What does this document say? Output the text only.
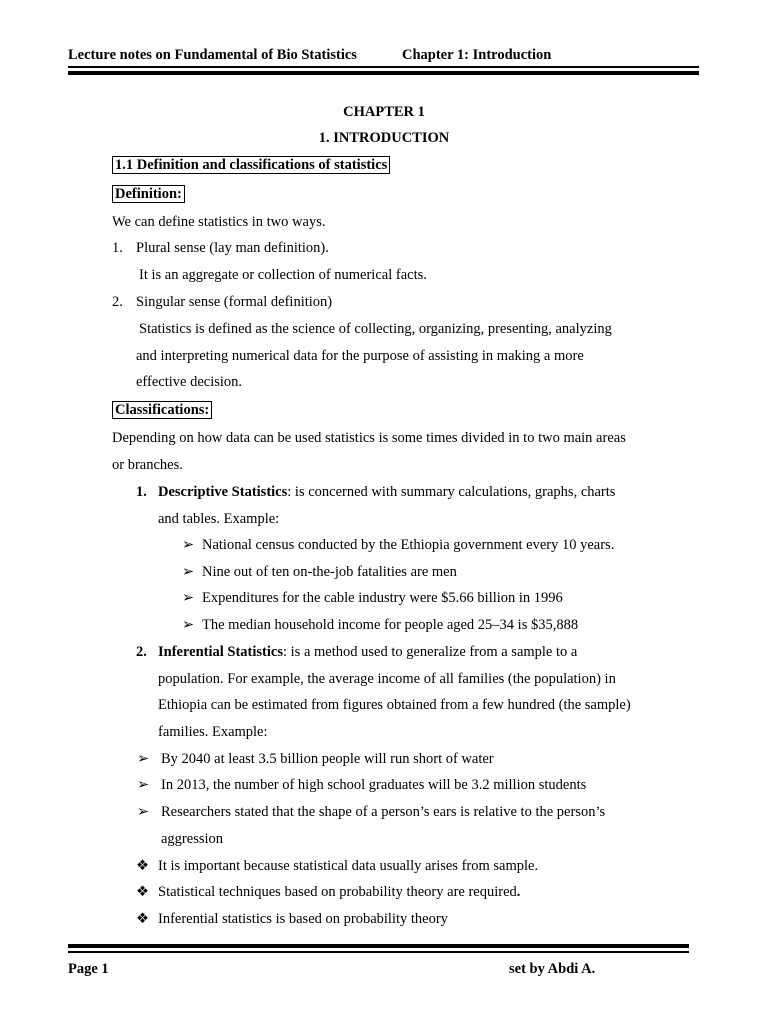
Lecture notes on Fundamental of Bio Statistics	Chapter 1: Introduction
CHAPTER 1
1. INTRODUCTION
1.1 Definition and classifications of statistics
Definition:
We can define statistics in two ways.
1. Plural sense (lay man definition).
It is an aggregate or collection of numerical facts.
2. Singular sense (formal definition)
Statistics is defined as the science of collecting, organizing, presenting, analyzing
and interpreting numerical data for the purpose of assisting in making a more
effective decision.
Classifications:
Depending on how data can be used statistics is some times divided in to two main areas
or branches.
1. Descriptive Statistics: is concerned with summary calculations, graphs, charts
and tables. Example:
➢ National census conducted by the Ethiopia government every 10 years.
➢ Nine out of ten on-the-job fatalities are men
➢ Expenditures for the cable industry were $5.66 billion in 1996
➢ The median household income for people aged 25–34 is $35,888
2. Inferential Statistics: is a method used to generalize from a sample to a
population. For example, the average income of all families (the population) in
Ethiopia can be estimated from figures obtained from a few hundred (the sample)
families. Example:
➢ By 2040 at least 3.5 billion people will run short of water
➢ In 2013, the number of high school graduates will be 3.2 million students
➢ Researchers stated that the shape of a person’s ears is relative to the person’s
aggression
❖ It is important because statistical data usually arises from sample.
❖ Statistical techniques based on probability theory are required.
❖ Inferential statistics is based on probability theory
Page 1	set by Abdi A.
